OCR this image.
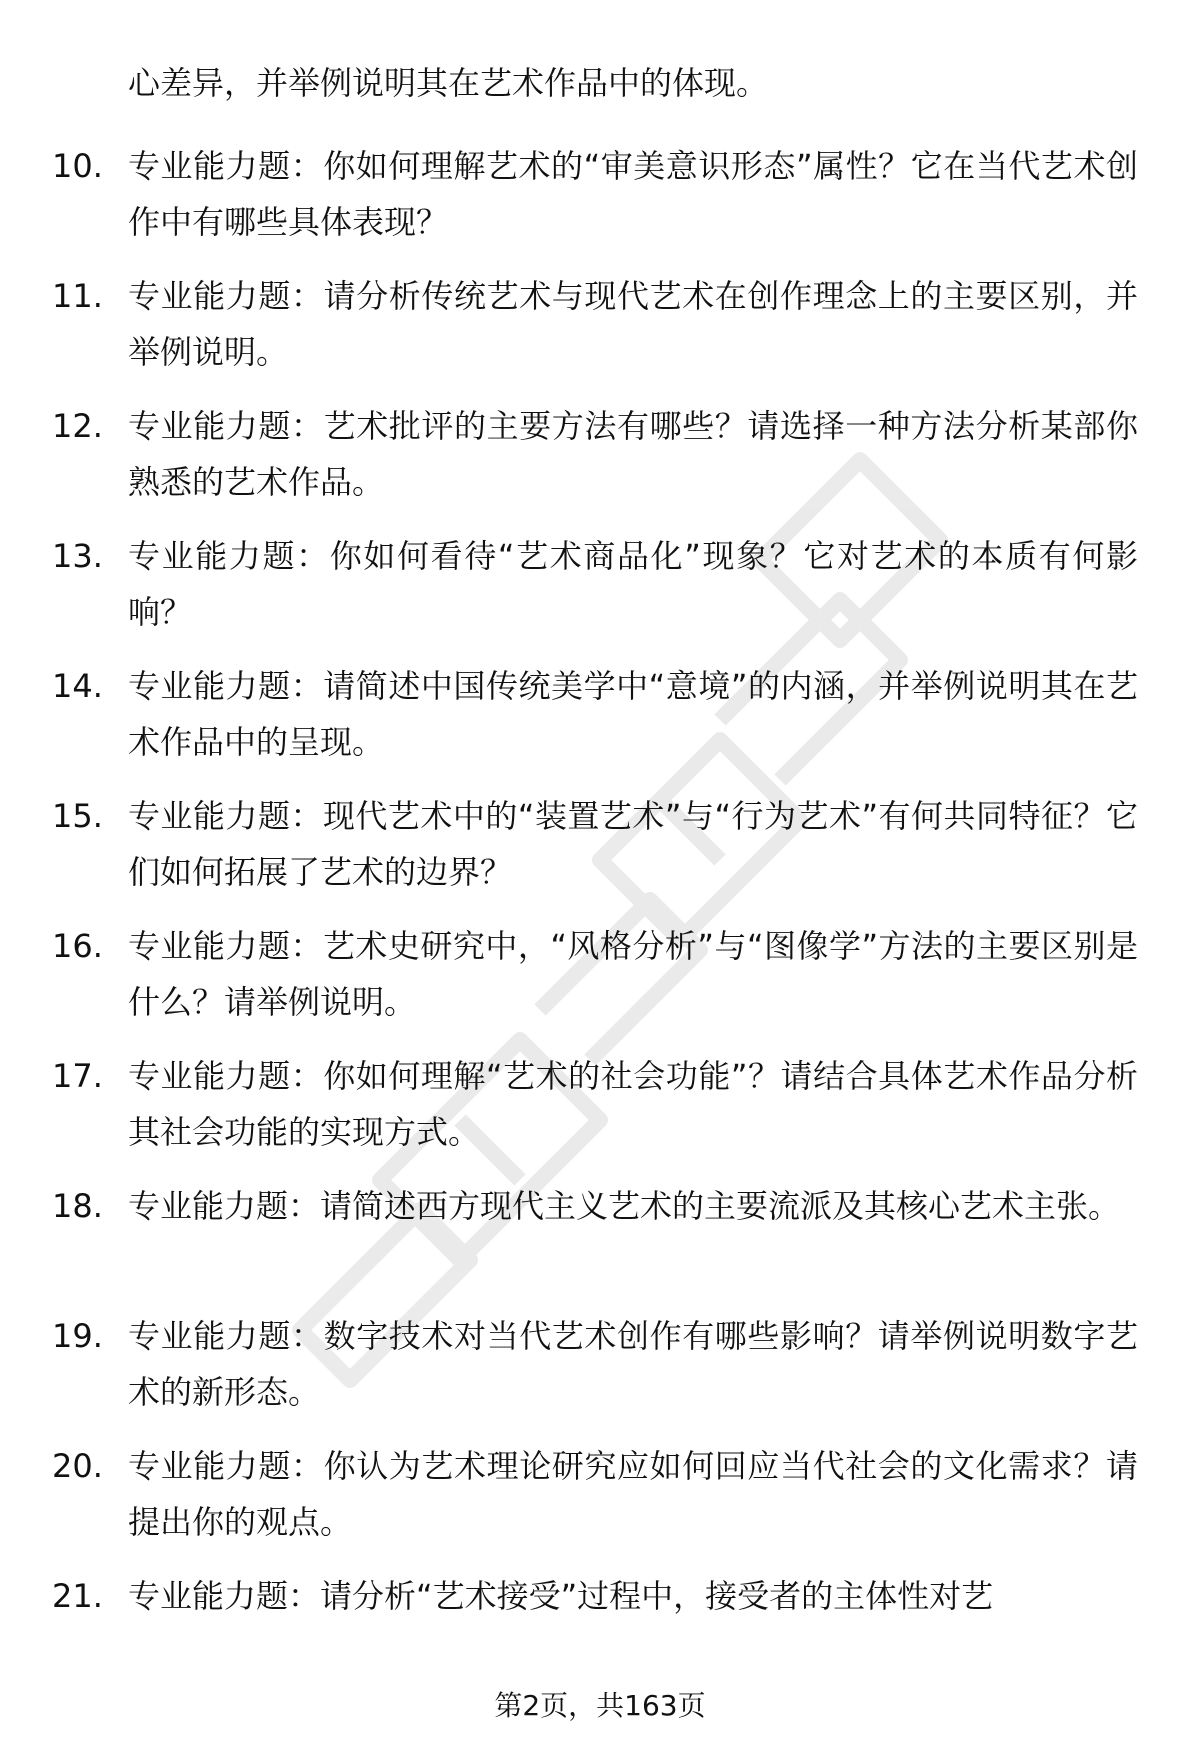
心差异，并举例说明其在艺术作品中的体现。
10. 专业能力题：你如何理解艺术的“审美意识形态”属性？它在当代艺术创作中有哪些具体表现？
11. 专业能力题：请分析传统艺术与现代艺术在创作理念上的主要区别，并举例说明。
12. 专业能力题：艺术批评的主要方法有哪些？请选择一种方法分析某部你熟悉的艺术作品。
13. 专业能力题：你如何看待“艺术商品化”现象？它对艺术的本质有何影响？
14. 专业能力题：请简述中国传统美学中“意境”的内涵，并举例说明其在艺术作品中的呈现。
15. 专业能力题：现代艺术中的“装置艺术”与“行为艺术”有何共同特征？它们如何拓展了艺术的边界？
16. 专业能力题：艺术史研究中，“风格分析”与“图像学”方法的主要区别是什么？请举例说明。
17. 专业能力题：你如何理解“艺术的社会功能”？请结合具体艺术作品分析其社会功能的实现方式。
18. 专业能力题：请简述西方现代主义艺术的主要流派及其核心艺术主张。
19. 专业能力题：数字技术对当代艺术创作有哪些影响？请举例说明数字艺术的新形态。
20. 专业能力题：你认为艺术理论研究应如何回应当代社会的文化需求？请提出你的观点。
21. 专业能力题：请分析“艺术接受”过程中，接受者的主体性对艺
第2页，共163页
